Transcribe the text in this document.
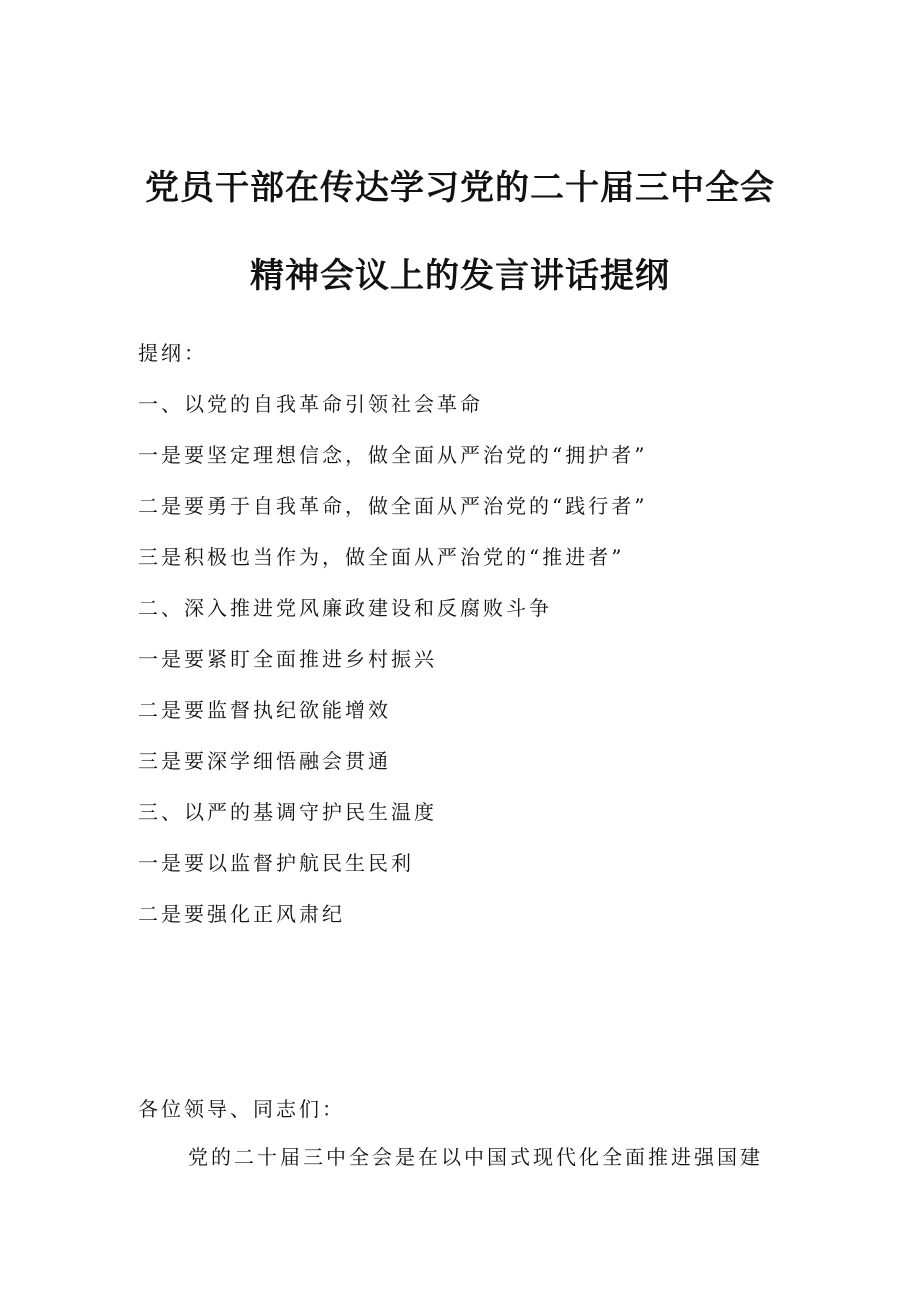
党员干部在传达学习党的二十届三中全会
精神会议上的发言讲话提纲
提纲：
一、以党的自我革命引领社会革命
一是要坚定理想信念，做全面从严治党的“拥护者”
二是要勇于自我革命，做全面从严治党的“践行者”
三是积极也当作为，做全面从严治党的“推进者”
二、深入推进党风廉政建设和反腐败斗争
一是要紧盯全面推进乡村振兴
二是要监督执纪欲能增效
三是要深学细悟融会贯通
三、以严的基调守护民生温度
一是要以监督护航民生民利
二是要强化正风肃纪
各位领导、同志们：
党的二十届三中全会是在以中国式现代化全面推进强国建
